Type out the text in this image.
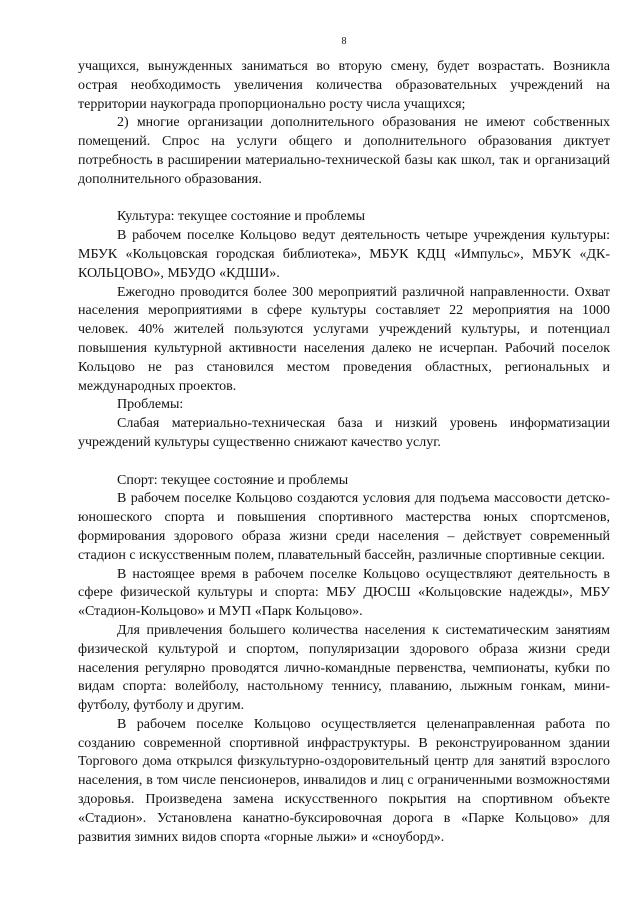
8

учащихся, вынужденных заниматься во вторую смену, будет возрастать. Возникла острая необходимость увеличения количества образовательных учреждений на территории наукограда пропорционально росту числа учащихся;

2) многие организации дополнительного образования не имеют собственных помещений. Спрос на услуги общего и дополнительного образования диктует потребность в расширении материально-технической базы как школ, так и организаций дополнительного образования.

Культура: текущее состояние и проблемы

В рабочем поселке Кольцово ведут деятельность четыре учреждения культуры: МБУК «Кольцовская городская библиотека», МБУК КДЦ «Импульс», МБУК «ДК-КОЛЬЦОВО», МБУДО «КДШИ».

Ежегодно проводится более 300 мероприятий различной направленности. Охват населения мероприятиями в сфере культуры составляет 22 мероприятия на 1000 человек. 40% жителей пользуются услугами учреждений культуры, и потенциал повышения культурной активности населения далеко не исчерпан. Рабочий поселок Кольцово не раз становился местом проведения областных, региональных и международных проектов.

Проблемы:

Слабая материально-техническая база и низкий уровень информатизации учреждений культуры существенно снижают качество услуг.

Спорт: текущее состояние и проблемы

В рабочем поселке Кольцово создаются условия для подъема массовости детско-юношеского спорта и повышения спортивного мастерства юных спортсменов, формирования здорового образа жизни среди населения – действует современный стадион с искусственным полем, плавательный бассейн, различные спортивные секции.

В настоящее время в рабочем поселке Кольцово осуществляют деятельность в сфере физической культуры и спорта: МБУ ДЮСШ «Кольцовские надежды», МБУ «Стадион-Кольцово» и МУП «Парк Кольцово».

Для привлечения большего количества населения к систематическим занятиям физической культурой и спортом, популяризации здорового образа жизни среди населения регулярно проводятся лично-командные первенства, чемпионаты, кубки по видам спорта: волейболу, настольному теннису, плаванию, лыжным гонкам, мини-футболу, футболу и другим.

В рабочем поселке Кольцово осуществляется целенаправленная работа по созданию современной спортивной инфраструктуры. В реконструированном здании Торгового дома открылся физкультурно-оздоровительный центр для занятий взрослого населения, в том числе пенсионеров, инвалидов и лиц с ограниченными возможностями здоровья. Произведена замена искусственного покрытия на спортивном объекте «Стадион». Установлена канатно-буксировочная дорога в «Парке Кольцово» для развития зимних видов спорта «горные лыжи» и «сноуборд».
